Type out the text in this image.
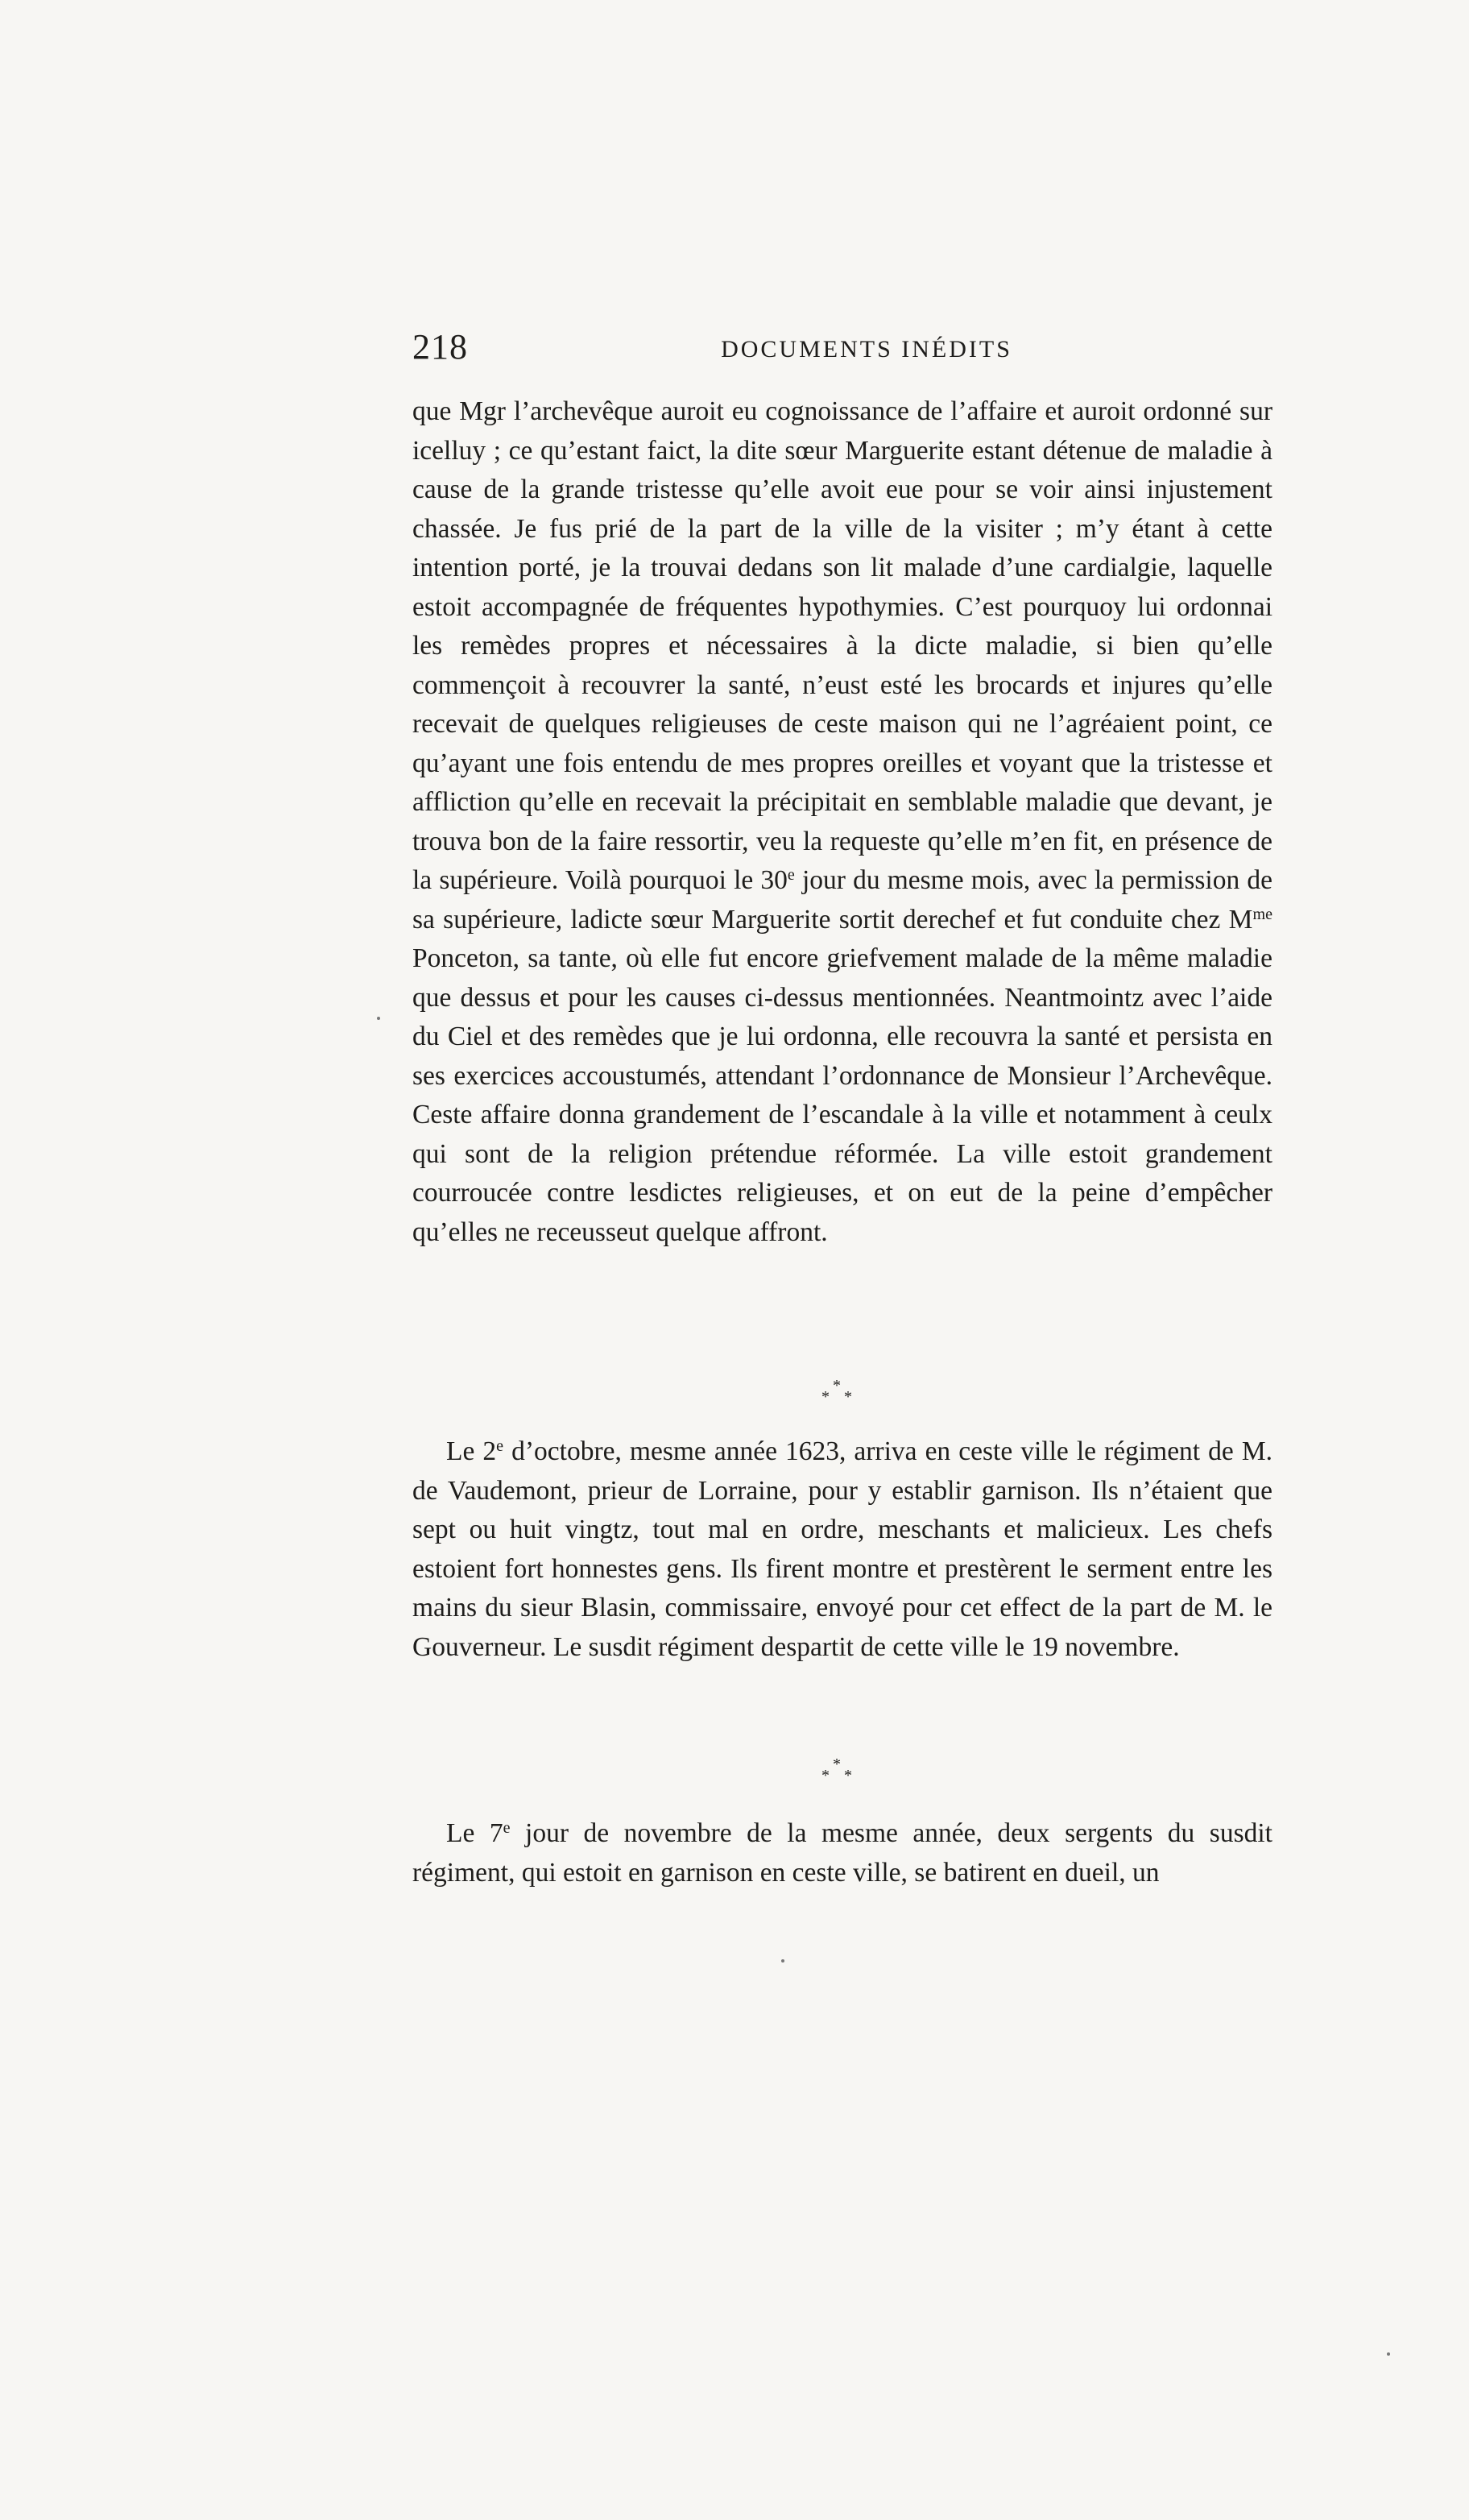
218	DOCUMENTS INÉDITS

que Mgr l’archevêque auroit eu cognoissance de l’affaire et auroit ordonné sur icelluy ; ce qu’estant faict, la dite sœur Marguerite estant détenue de maladie à cause de la grande tristesse qu’elle avoit eue pour se voir ainsi injustement chassée. Je fus prié de la part de la ville de la visiter ; m’y étant à cette intention porté, je la trouvai dedans son lit malade d’une cardialgie, laquelle estoit accompagnée de fréquentes hypothymies. C’est pourquoy lui ordonnai les remèdes propres et nécessaires à la dicte maladie, si bien qu’elle commençoit à recouvrer la santé, n’eust esté les brocards et injures qu’elle recevait de quelques religieuses de ceste maison qui ne l’agréaient point, ce qu’ayant une fois entendu de mes propres oreilles et voyant que la tristesse et affliction qu’elle en recevait la précipitait en semblable maladie que devant, je trouva bon de la faire ressortir, veu la requeste qu’elle m’en fit, en présence de la supérieure. Voilà pourquoi le 30e jour du mesme mois, avec la permission de sa supérieure, ladicte sœur Marguerite sortit derechef et fut conduite chez $M^{me}$ Ponceton, sa tante, où elle fut encore griefvement malade de la même maladie que dessus et pour les causes ci-dessus mentionnées. Neantmointz avec l’aide du Ciel et des remèdes que je lui ordonna, elle recouvra la santé et persista en ses exercices accoustumés, attendant l’ordonnance de Monsieur l’Archevêque. Ceste affaire donna grandement de l’escandale à la ville et notamment à ceulx qui sont de la religion prétendue réformée. La ville estoit grandement courroucée contre lesdictes religieuses, et on eut de la peine d’empêcher qu’elles ne receusseut quelque affront.

*
* *

Le 2e d’octobre, mesme année 1623, arriva en ceste ville le régiment de M. de Vaudemont, prieur de Lorraine, pour y establir garnison. Ils n’étaient que sept ou huit vingtz, tout mal en ordre, meschants et malicieux. Les chefs estoient fort honnestes gens. Ils firent montre et prestèrent le serment entre les mains du sieur Blasin, commissaire, envoyé pour cet effect de la part de M. le Gouverneur. Le susdit régiment despartit de cette ville le 19 novembre.

*
* *

Le 7e jour de novembre de la mesme année, deux sergents du susdit régiment, qui estoit en garnison en ceste ville, se batirent en dueil, un
